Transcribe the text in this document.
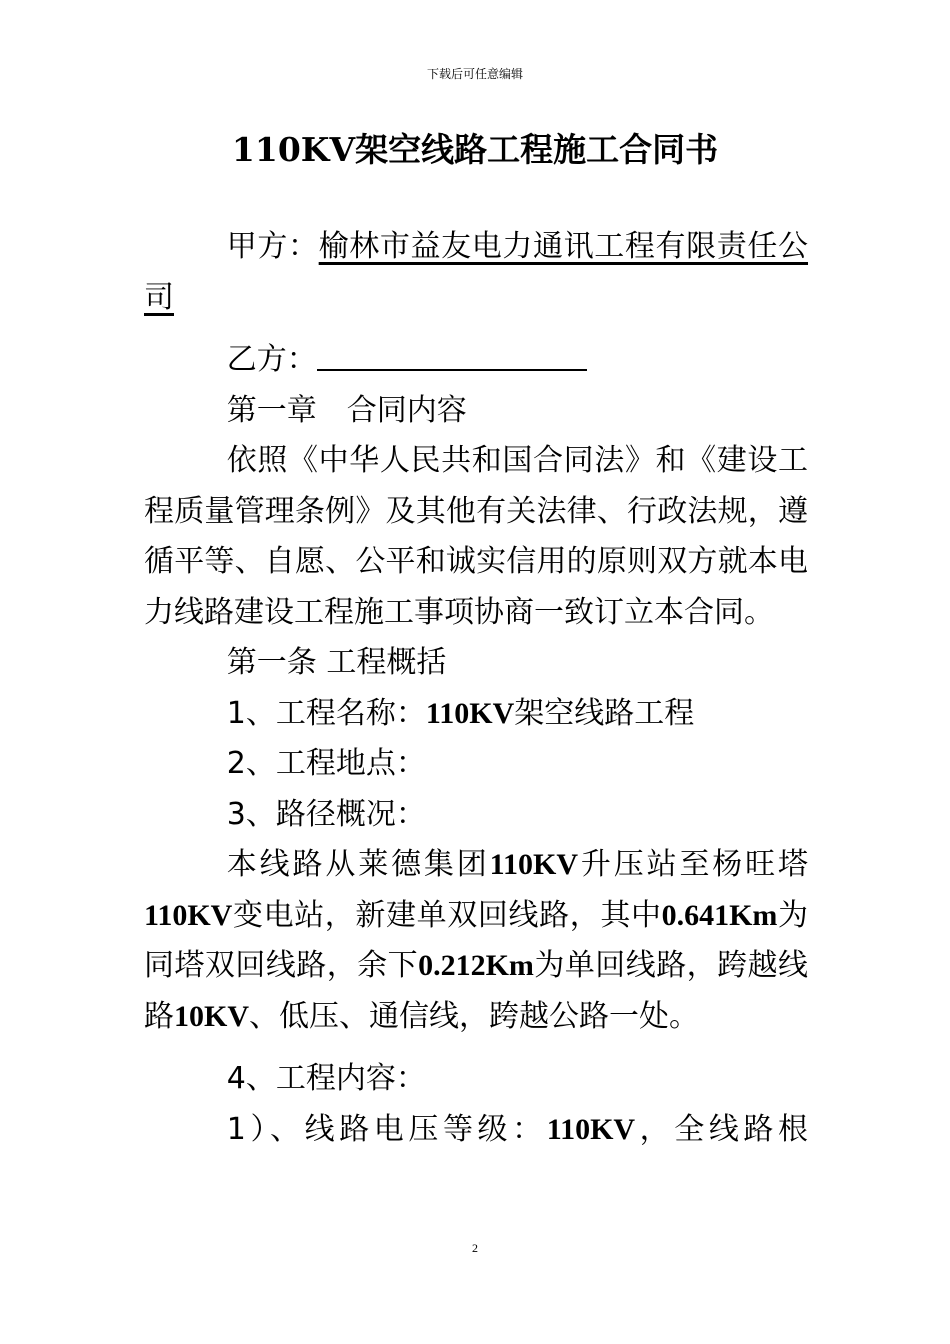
下载后可任意编辑
110KV架空线路工程施工合同书

甲方：榆林市益友电力通讯工程有限责任公司

乙方：

第一章　合同内容

依照《中华人民共和国合同法》和《建设工程质量管理条例》及其他有关法律、行政法规，遵循平等、自愿、公平和诚实信用的原则双方就本电力线路建设工程施工事项协商一致订立本合同。

第一条 工程概括

1、工程名称：110KV架空线路工程

2、工程地点：

3、路径概况：

本线路从莱德集团110KV升压站至杨旺塔110KV变电站，新建单双回线路，其中0.641Km为同塔双回线路，余下0.212Km为单回线路，跨越线路10KV、低压、通信线，跨越公路一处。

4、工程内容：

1）、线路电压等级：110KV，全线路根

2
